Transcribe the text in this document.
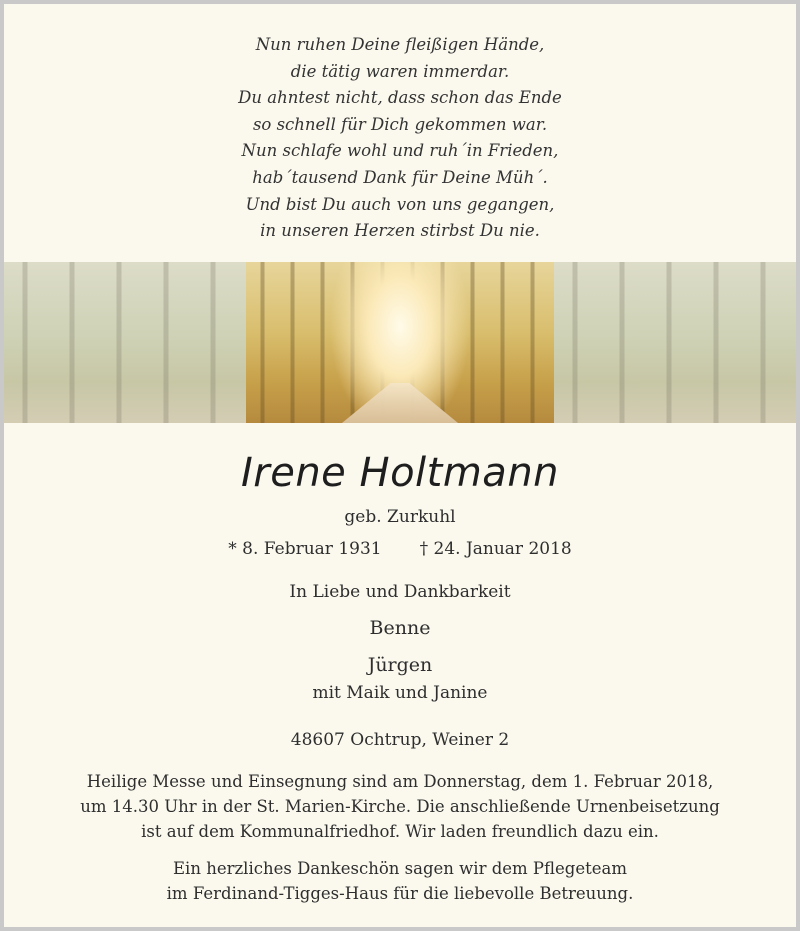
Nun ruhen Deine fleißigen Hände,
die tätig waren immerdar.
Du ahntest nicht, dass schon das Ende
so schnell für Dich gekommen war.
Nun schlafe wohl und ruh´in Frieden,
hab´tausend Dank für Deine Müh´.
Und bist Du auch von uns gegangen,
in unseren Herzen stirbst Du nie.
Irene Holtmann
geb. Zurkuhl
* 8. Februar 1931 † 24. Januar 2018
In Liebe und Dankbarkeit
Benne
Jürgen
mit Maik und Janine
48607 Ochtrup, Weiner 2
Heilige Messe und Einsegnung sind am Donnerstag, dem 1. Februar 2018,
um 14.30 Uhr in der St. Marien-Kirche. Die anschließende Urnenbeisetzung
ist auf dem Kommunalfriedhof. Wir laden freundlich dazu ein.
Ein herzliches Dankeschön sagen wir dem Pflegeteam
im Ferdinand-Tigges-Haus für die liebevolle Betreuung.
